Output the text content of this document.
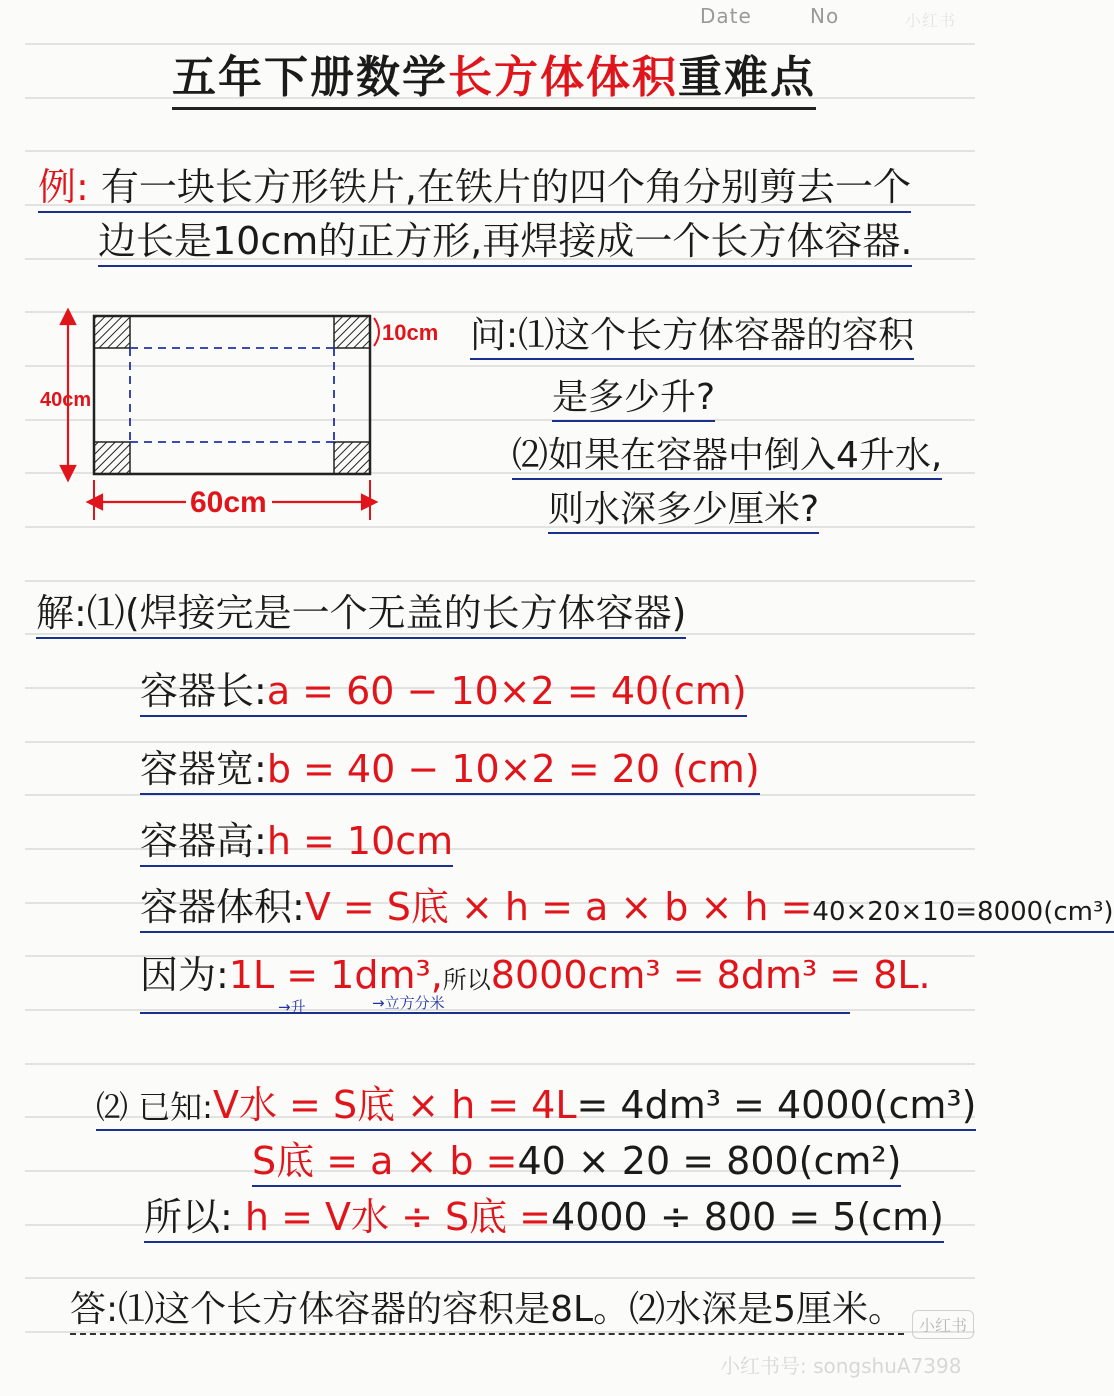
Date	No	小红书
五年下册数学长方体体积重难点
例: 有一块长方形铁片,在铁片的四个角分别剪去一个
边长是10cm的正方形,再焊接成一个长方体容器.
40cm
60cm
10cm 问:⑴这个长方体容器的容积
是多少升?
⑵如果在容器中倒入4升水,
则水深多少厘米?
解:⑴(焊接完是一个无盖的长方体容器)
容器长:a = 60 − 10×2 = 40(cm)
容器宽:b = 40 − 10×2 = 20 (cm)
容器高:h = 10cm
容器体积:V = S底 × h = a × b × h =40×20×10=8000(cm³)
因为:1L = 1dm³,所以8000cm³ = 8dm³ = 8L.
→升	→立方分米
⑵ 已知:V水 = S底 × h = 4L= 4dm³ = 4000(cm³)
S底 = a × b =40 × 20 = 800(cm²)
所以: h = V水 ÷ S底 =4000 ÷ 800 = 5(cm)
答:⑴这个长方体容器的容积是8L。⑵水深是5厘米。 小红书
小红书号: songshuA7398
